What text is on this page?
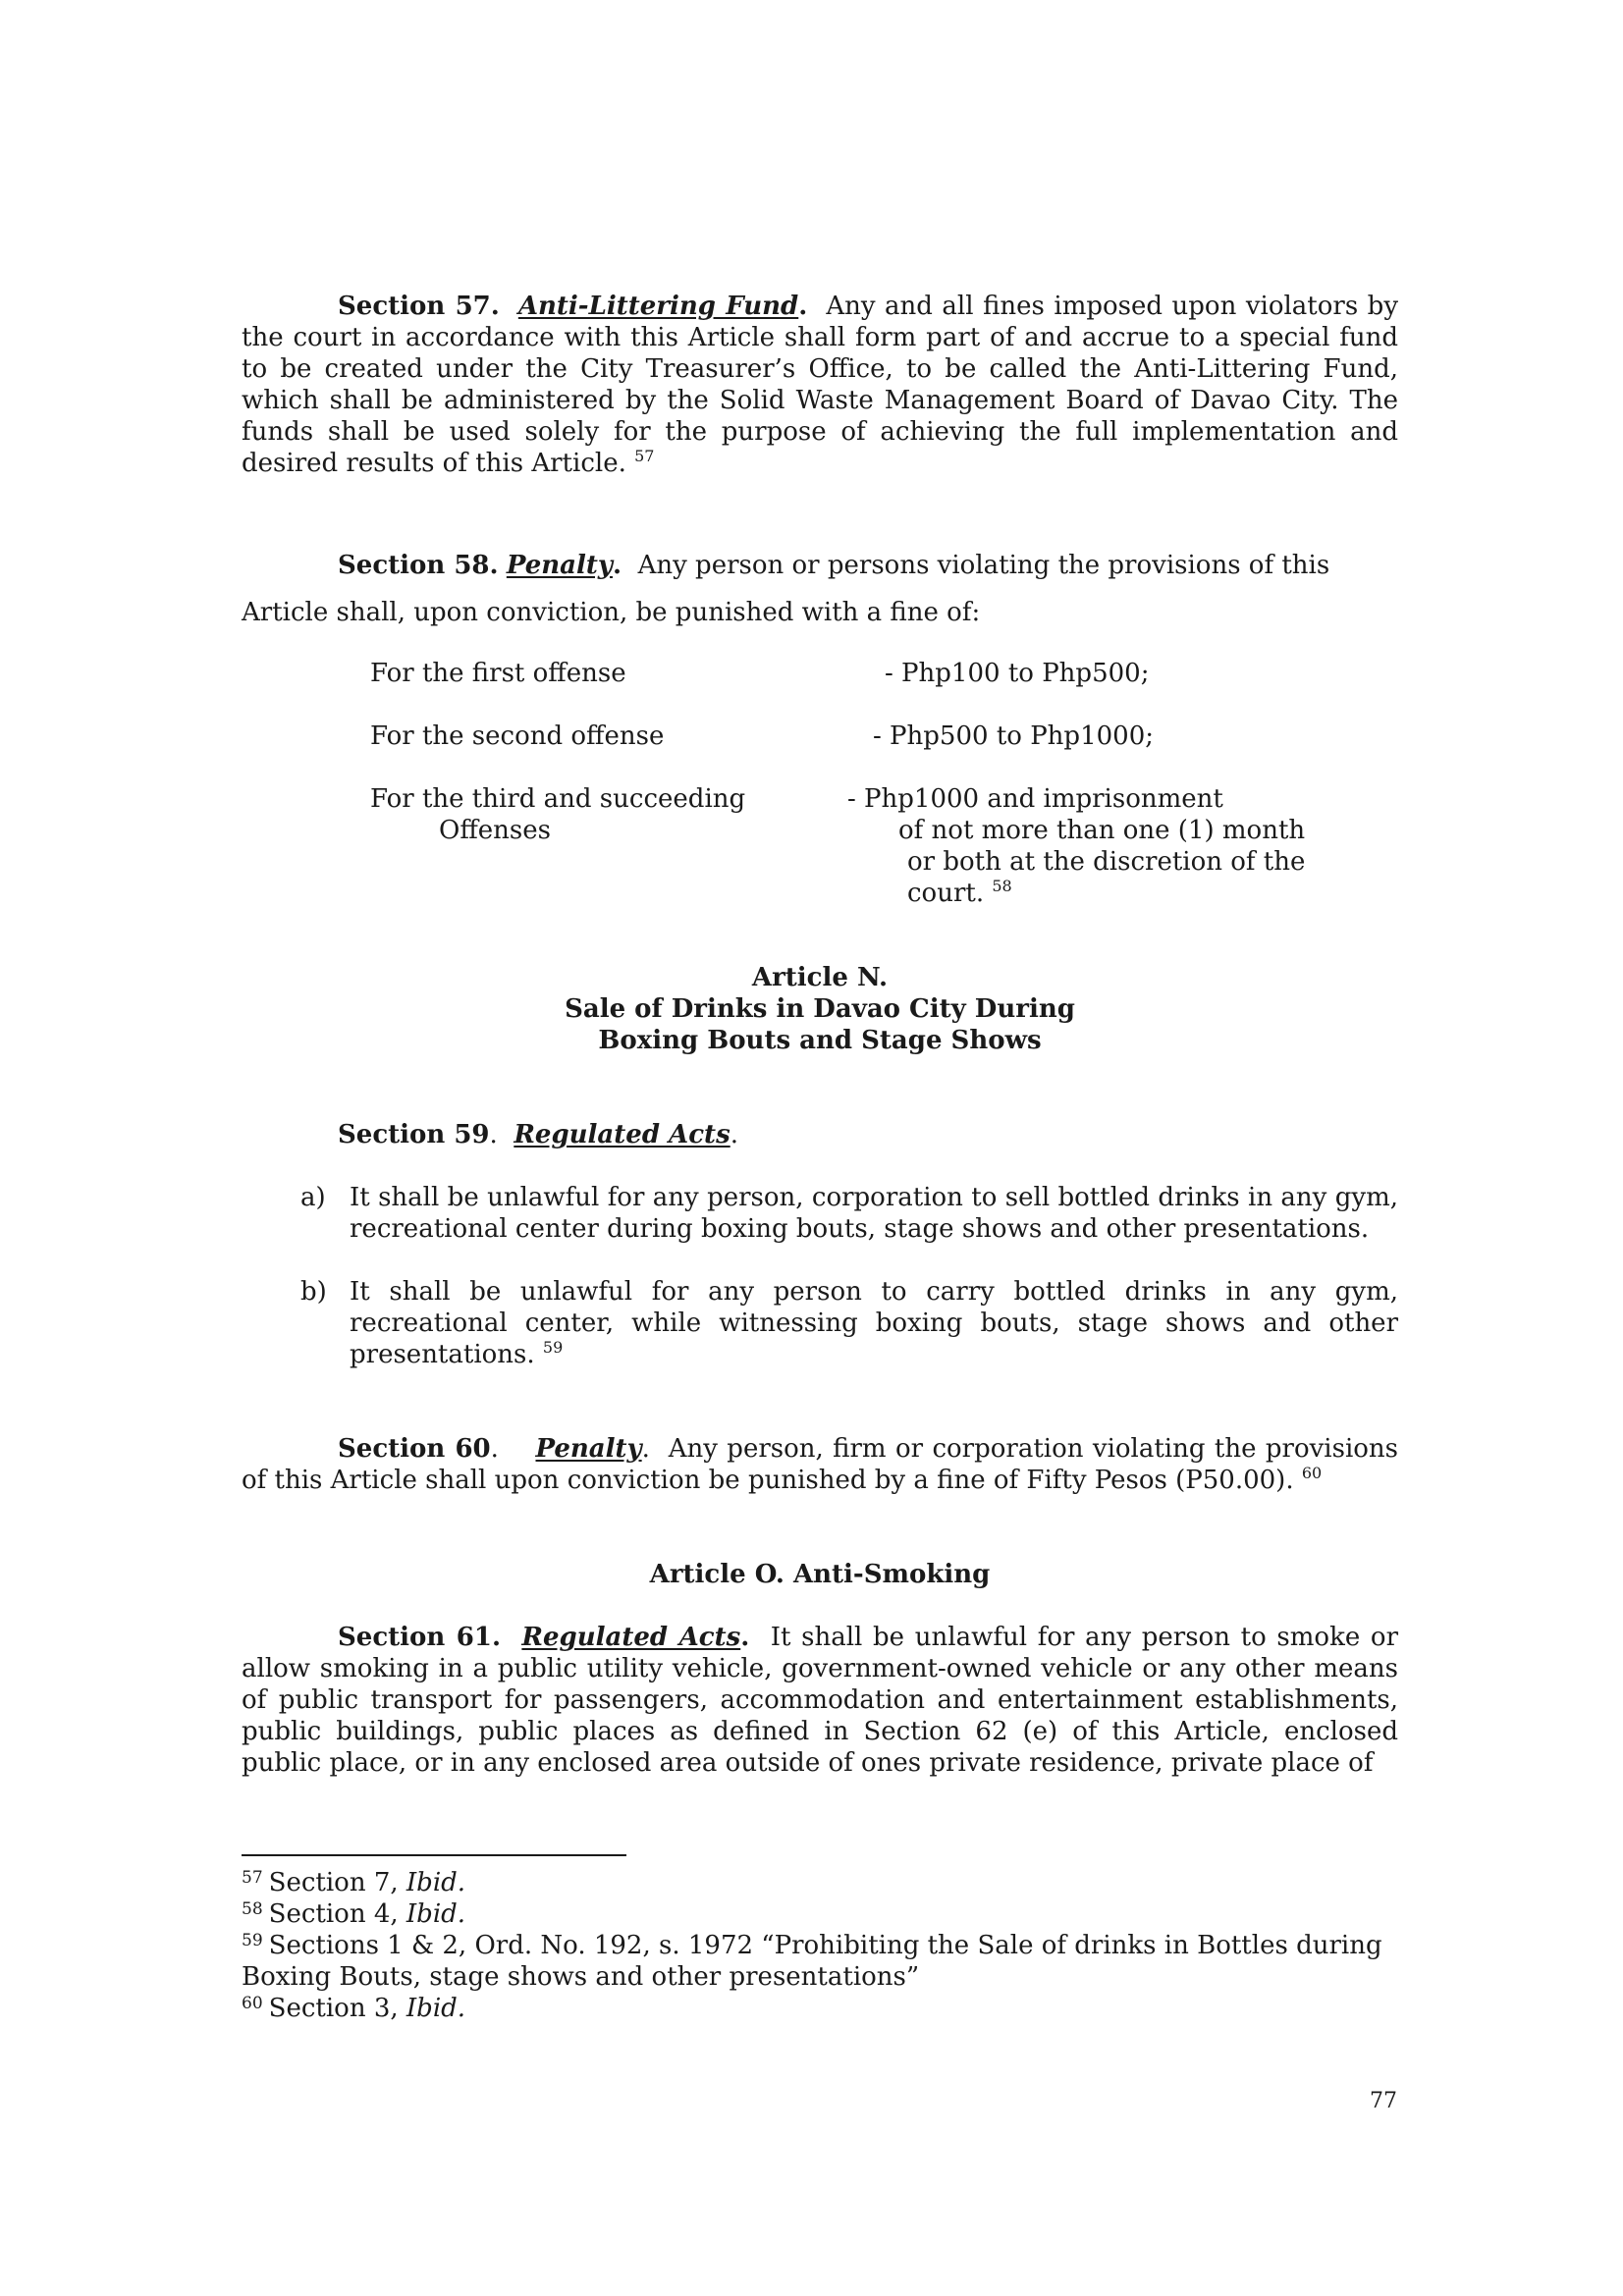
Section 57. Anti-Littering Fund. Any and all fines imposed upon violators by the court in accordance with this Article shall form part of and accrue to a special fund to be created under the City Treasurer’s Office, to be called the Anti-Littering Fund, which shall be administered by the Solid Waste Management Board of Davao City. The funds shall be used solely for the purpose of achieving the full implementation and desired results of this Article. $^{57}$

Section 58. Penalty. Any person or persons violating the provisions of this Article shall, upon conviction, be punished with a fine of:

For the first offense	- Php100 to Php500;
For the second offense	- Php500 to Php1000;
For the third and succeeding	- Php1000 and imprisonment
Offenses	of not more than one (1) month
or both at the discretion of the
court. $^{58}$
Article N.
Sale of Drinks in Davao City During
Boxing Bouts and Stage Shows

Section 59. Regulated Acts.

a) It shall be unlawful for any person, corporation to sell bottled drinks in any gym, recreational center during boxing bouts, stage shows and other presentations.
b) It shall be unlawful for any person to carry bottled drinks in any gym, recreational center, while witnessing boxing bouts, stage shows and other presentations. $^{59}$

Section 60. Penalty. Any person, firm or corporation violating the provisions of this Article shall upon conviction be punished by a fine of Fifty Pesos (P50.00). $^{60}$

Article O. Anti-Smoking

Section 61. Regulated Acts. It shall be unlawful for any person to smoke or allow smoking in a public utility vehicle, government-owned vehicle or any other means of public transport for passengers, accommodation and entertainment establishments, public buildings, public places as defined in Section 62 (e) of this Article, enclosed public place, or in any enclosed area outside of ones private residence, private place of

$^{57}$ Section 7, Ibid.

$^{58}$ Section 4, Ibid.

$^{59}$ Sections 1 & 2, Ord. No. 192, s. 1972 “Prohibiting the Sale of drinks in Bottles during Boxing Bouts, stage shows and other presentations”

$^{60}$ Section 3, Ibid.

77
